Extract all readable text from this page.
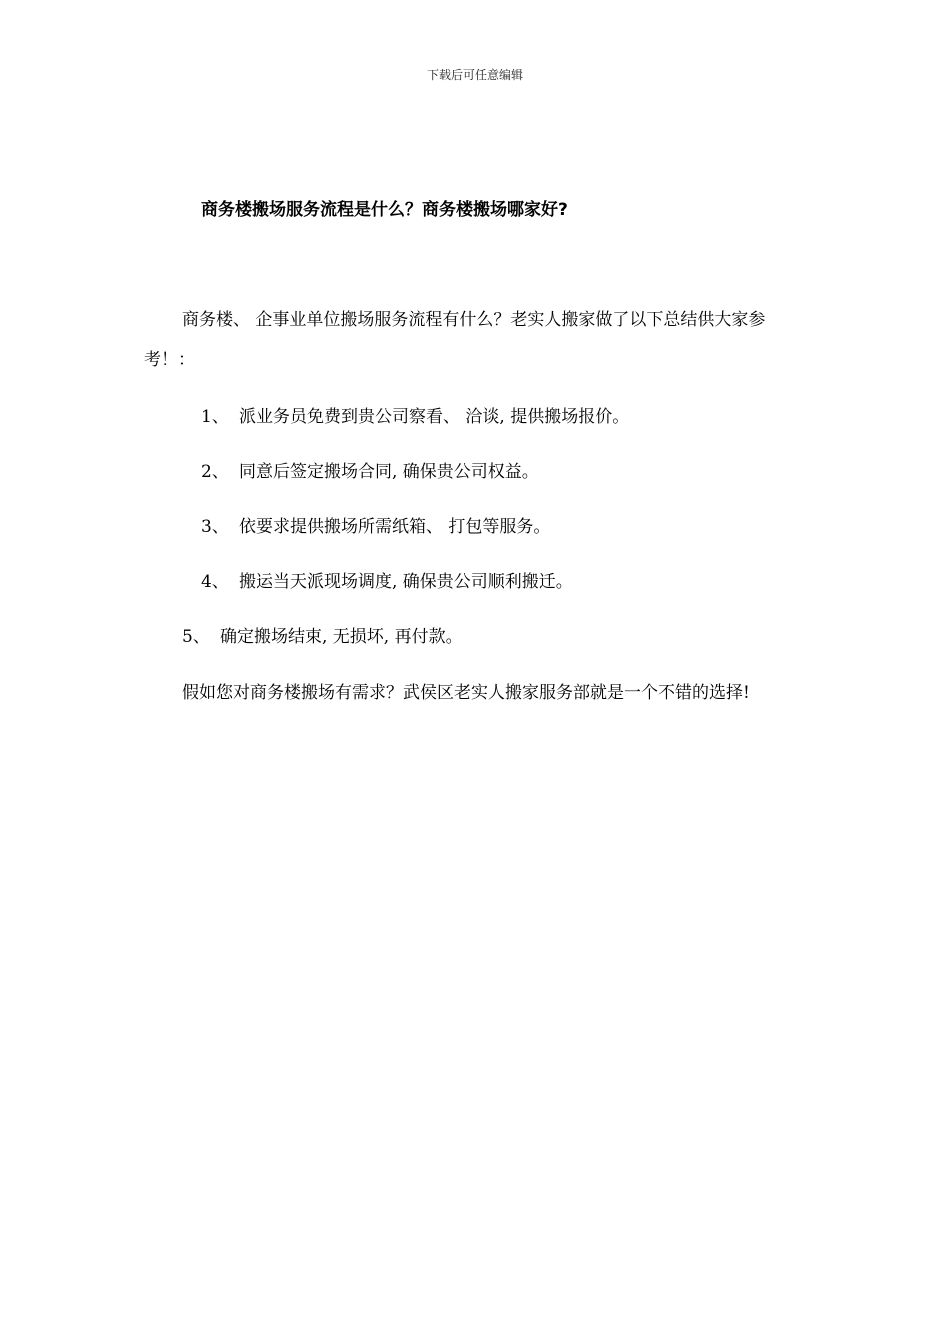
下载后可任意编辑
商务楼搬场服务流程是什么？商务楼搬场哪家好?

商务楼、 企事业单位搬场服务流程有什么？老实人搬家做了以下总结供大家参考！：

1、 派业务员免费到贵公司察看、 洽谈, 提供搬场报价。
2、 同意后签定搬场合同, 确保贵公司权益。
3、 依要求提供搬场所需纸箱、 打包等服务。
4、 搬运当天派现场调度, 确保贵公司顺利搬迁。
5、 确定搬场结束, 无损坏, 再付款。

假如您对商务楼搬场有需求？武侯区老实人搬家服务部就是一个不错的选择!
